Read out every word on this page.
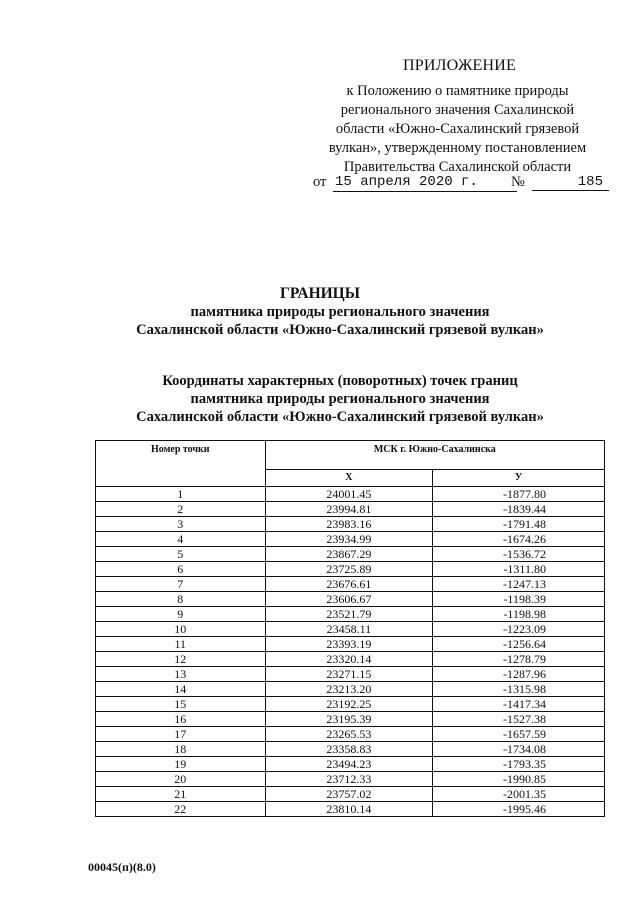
ПРИЛОЖЕНИЕ
к Положению о памятнике природы
регионального значения Сахалинской
области «Южно-Сахалинский грязевой
вулкан», утвержденному постановлением
Правительства Сахалинской области
от 15 апреля 2020 г.	№	185
ГРАНИЦЫ
памятника природы регионального значения
Сахалинской области «Южно-Сахалинский грязевой вулкан»
Координаты характерных (поворотных) точек границ
памятника природы регионального значения
Сахалинской области «Южно-Сахалинский грязевой вулкан»
Номер точки	МСК г. Южно-Сахалинска	
	Х	У
1	24001.45	-1877.80
2	23994.81	-1839.44
3	23983.16	-1791.48
4	23934.99	-1674.26
5	23867.29	-1536.72
6	23725.89	-1311.80
7	23676.61	-1247.13
8	23606.67	-1198.39
9	23521.79	-1198.98
10	23458.11	-1223.09
11	23393.19	-1256.64
12	23320.14	-1278.79
13	23271.15	-1287.96
14	23213.20	-1315.98
15	23192.25	-1417.34
16	23195.39	-1527.38
17	23265.53	-1657.59
18	23358.83	-1734.08
19	23494.23	-1793.35
20	23712.33	-1990.85
21	23757.02	-2001.35
22	23810.14	-1995.46
00045(п)(8.0)
